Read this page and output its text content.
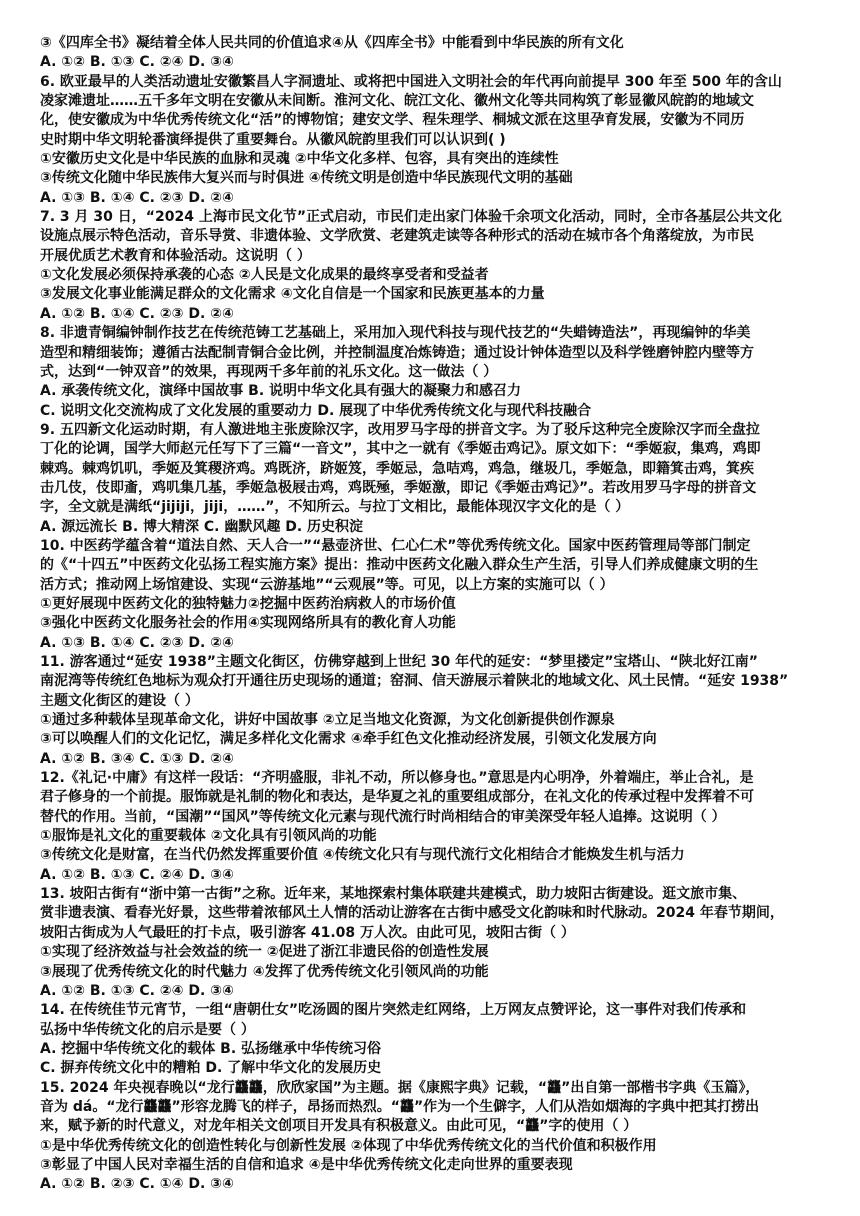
③《四库全书》凝结着全体人民共同的价值追求④从《四库全书》中能看到中华民族的所有文化
A. ①② B. ①③ C. ②④ D. ③④
6. 欧亚最早的人类活动遗址安徽繁昌人字洞遗址、或将把中国进入文明社会的年代再向前提早 300 年至 500 年的含山
凌家滩遗址……五千多年文明在安徽从未间断。淮河文化、皖江文化、徽州文化等共同构筑了彰显徽风皖韵的地域文
化，使安徽成为中华优秀传统文化“活”的博物馆；建安文学、程朱理学、桐城文派在这里孕育发展，安徽为不同历
史时期中华文明轮番演绎提供了重要舞台。从徽风皖韵里我们可以认识到( )
①安徽历史文化是中华民族的血脉和灵魂 ②中华文化多样、包容，具有突出的连续性
③传统文化随中华民族伟大复兴而与时俱进 ④传统文明是创造中华民族现代文明的基础
A. ①③ B. ①④ C. ②③ D. ②④
7. 3 月 30 日，“2024 上海市民文化节”正式启动，市民们走出家门体验千余项文化活动，同时，全市各基层公共文化
设施点展示特色活动，音乐导赏、非遗体验、文学欣赏、老建筑走读等各种形式的活动在城市各个角落绽放，为市民
开展优质艺术教育和体验活动。这说明（ ）
①文化发展必须保持承袭的心态 ②人民是文化成果的最终享受者和受益者
③发展文化事业能满足群众的文化需求 ④文化自信是一个国家和民族更基本的力量
A. ①② B. ①④ C. ②③ D. ②④
8. 非遗青铜编钟制作技艺在传统范铸工艺基础上，采用加入现代科技与现代技艺的“失蜡铸造法”，再现编钟的华美
造型和精细装饰；遵循古法配制青铜合金比例，并控制温度冶炼铸造；通过设计钟体造型以及科学锉磨钟腔内壁等方
式，达到“一钟双音”的效果，再现两千多年前的礼乐文化。这一做法（ ）
A. 承袭传统文化，演绎中国故事 B. 说明中华文化具有强大的凝聚力和感召力
C. 说明文化交流构成了文化发展的重要动力 D. 展现了中华优秀传统文化与现代科技融合
9. 五四新文化运动时期，有人激进地主张废除汉字，改用罗马字母的拼音文字。为了驳斥这种完全废除汉字而全盘拉
丁化的论调，国学大师赵元任写下了三篇“一音文”，其中之一就有《季姬击鸡记》。原文如下：“季姬寂，集鸡，鸡即
棘鸡。棘鸡饥叽，季姬及箕稷济鸡。鸡既济，跻姬笈，季姬忌，急咭鸡，鸡急，继圾几，季姬急，即籍箕击鸡，箕疾
击几伎，伎即齑，鸡叽集几基，季姬急极屐击鸡，鸡既殛，季姬激，即记《季姬击鸡记》”。若改用罗马字母的拼音文
字，全文就是满纸“jijiji，jiji，……”，不知所云。与拉丁文相比，最能体现汉字文化的是（ ）
A. 源远流长 B. 博大精深 C. 幽默风趣 D. 历史积淀
10. 中医药学蕴含着“道法自然、天人合一”“悬壶济世、仁心仁术”等优秀传统文化。国家中医药管理局等部门制定
的《“十四五”中医药文化弘扬工程实施方案》提出：推动中医药文化融入群众生产生活，引导人们养成健康文明的生
活方式；推动网上场馆建设、实现“云游基地”“云观展”等。可见，以上方案的实施可以（ ）
①更好展现中医药文化的独特魅力②挖掘中医药治病救人的市场价值
③强化中医药文化服务社会的作用④实现网络所具有的教化育人功能
A. ①③ B. ①④ C. ②③ D. ②④
11. 游客通过“延安 1938”主题文化街区，仿佛穿越到上世纪 30 年代的延安：“梦里搂定”宝塔山、“陕北好江南”
南泥湾等传统红色地标为观众打开通往历史现场的通道；窑洞、信天游展示着陕北的地域文化、风土民情。“延安 1938”
主题文化街区的建设（ ）
①通过多种载体呈现革命文化，讲好中国故事 ②立足当地文化资源，为文化创新提供创作源泉
③可以唤醒人们的文化记忆，满足多样化文化需求 ④牵手红色文化推动经济发展，引领文化发展方向
A. ①② B. ③④ C. ①③ D. ②④
12.《礼记·中庸》有这样一段话：“齐明盛服，非礼不动，所以修身也。”意思是内心明净，外着端庄，举止合礼，是
君子修身的一个前提。服饰就是礼制的物化和表达，是华夏之礼的重要组成部分，在礼文化的传承过程中发挥着不可
替代的作用。当前，“国潮”“国风”等传统文化元素与现代流行时尚相结合的审美深受年轻人追捧。这说明（ ）
①服饰是礼文化的重要载体 ②文化具有引领风尚的功能
③传统文化是财富，在当代仍然发挥重要价值 ④传统文化只有与现代流行文化相结合才能焕发生机与活力
A. ①② B. ①③ C. ②④ D. ③④
13. 坡阳古街有“浙中第一古街”之称。近年来，某地探索村集体联建共建模式，助力坡阳古街建设。逛文旅市集、
赏非遗表演、看春光好景，这些带着浓郁风土人情的活动让游客在古街中感受文化韵味和时代脉动。2024 年春节期间，
坡阳古街成为人气最旺的打卡点，吸引游客 41.08 万人次。由此可见，坡阳古街（ ）
①实现了经济效益与社会效益的统一 ②促进了浙江非遗民俗的创造性发展
③展现了优秀传统文化的时代魅力 ④发挥了优秀传统文化引领风尚的功能
A. ①② B. ①③ C. ②④ D. ③④
14. 在传统佳节元宵节，一组“唐朝仕女”吃汤圆的图片突然走红网络，上万网友点赞评论，这一事件对我们传承和
弘扬中华传统文化的启示是要（ ）
A. 挖掘中华传统文化的载体 B. 弘扬继承中华传统习俗
C. 摒弃传统文化中的糟粕 D. 了解中华文化的发展历史
15. 2024 年央视春晚以“龙行龘龘，欣欣家国”为主题。据《康熙字典》记载，“龘”出自第一部楷书字典《玉篇》，
音为 dá。“龙行龘龘”形容龙腾飞的样子，昂扬而热烈。“龘”作为一个生僻字，人们从浩如烟海的字典中把其打捞出
来，赋予新的时代意义，对龙年相关文创项目开发具有积极意义。由此可见，“龘”字的使用（ ）
①是中华优秀传统文化的创造性转化与创新性发展 ②体现了中华优秀传统文化的当代价值和积极作用
③彰显了中国人民对幸福生活的自信和追求 ④是中华优秀传统文化走向世界的重要表现
A. ①② B. ②③ C. ①④ D. ③④
